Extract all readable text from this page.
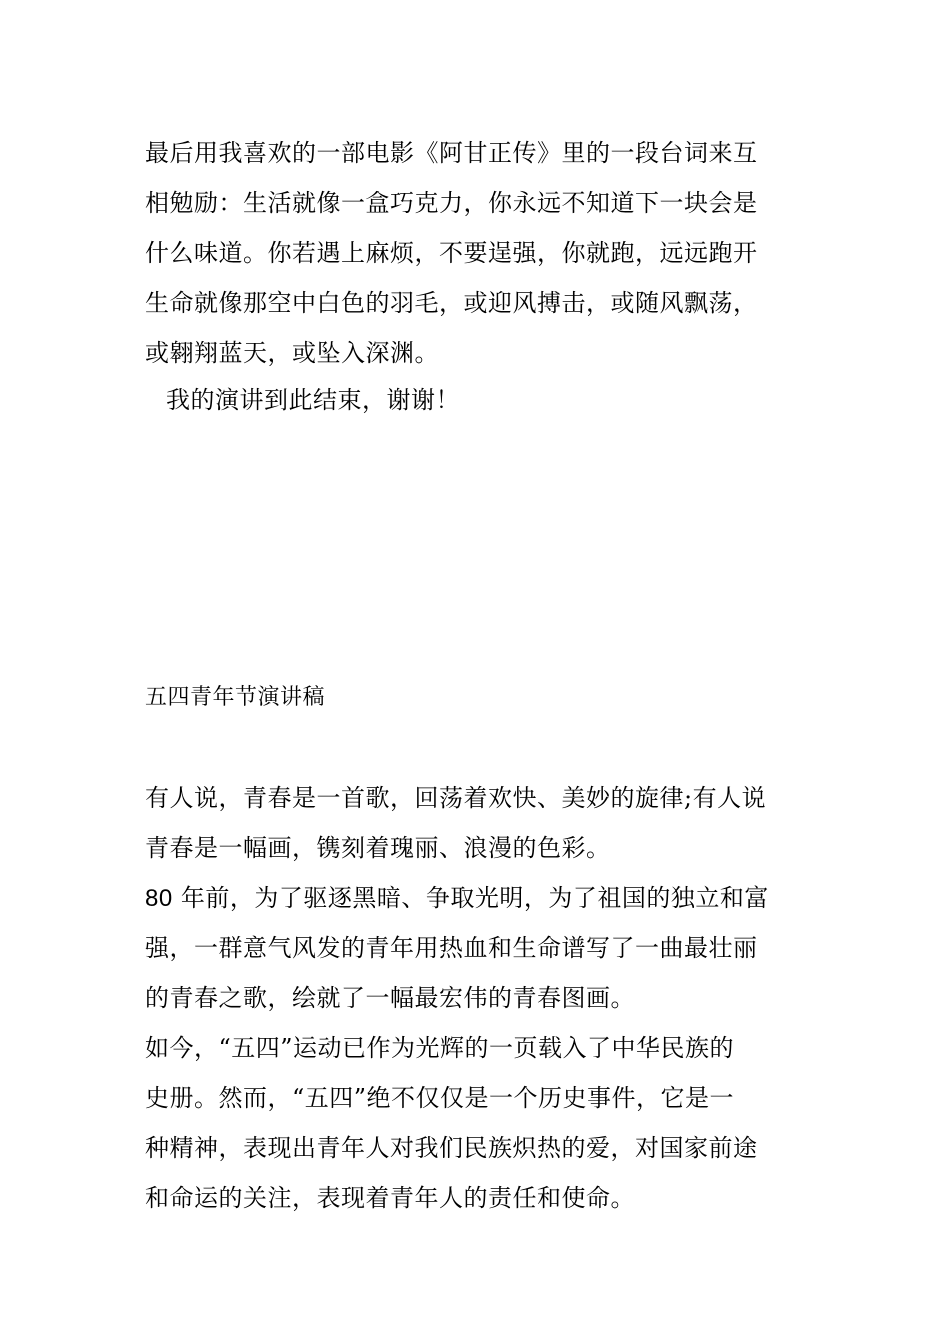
最后用我喜欢的一部电影《阿甘正传》里的一段台词来互
相勉励：生活就像一盒巧克力，你永远不知道下一块会是
什么味道。你若遇上麻烦，不要逞强，你就跑，远远跑开
生命就像那空中白色的羽毛，或迎风搏击，或随风飘荡，
或翱翔蓝天，或坠入深渊。
我的演讲到此结束，谢谢！
五四青年节演讲稿
有人说，青春是一首歌，回荡着欢快、美妙的旋律;有人说
青春是一幅画，镌刻着瑰丽、浪漫的色彩。
80 年前，为了驱逐黑暗、争取光明，为了祖国的独立和富
强，一群意气风发的青年用热血和生命谱写了一曲最壮丽
的青春之歌，绘就了一幅最宏伟的青春图画。
如今，“五四”运动已作为光辉的一页载入了中华民族的
史册。然而，“五四”绝不仅仅是一个历史事件，它是一
种精神，表现出青年人对我们民族炽热的爱，对国家前途
和命运的关注，表现着青年人的责任和使命。
